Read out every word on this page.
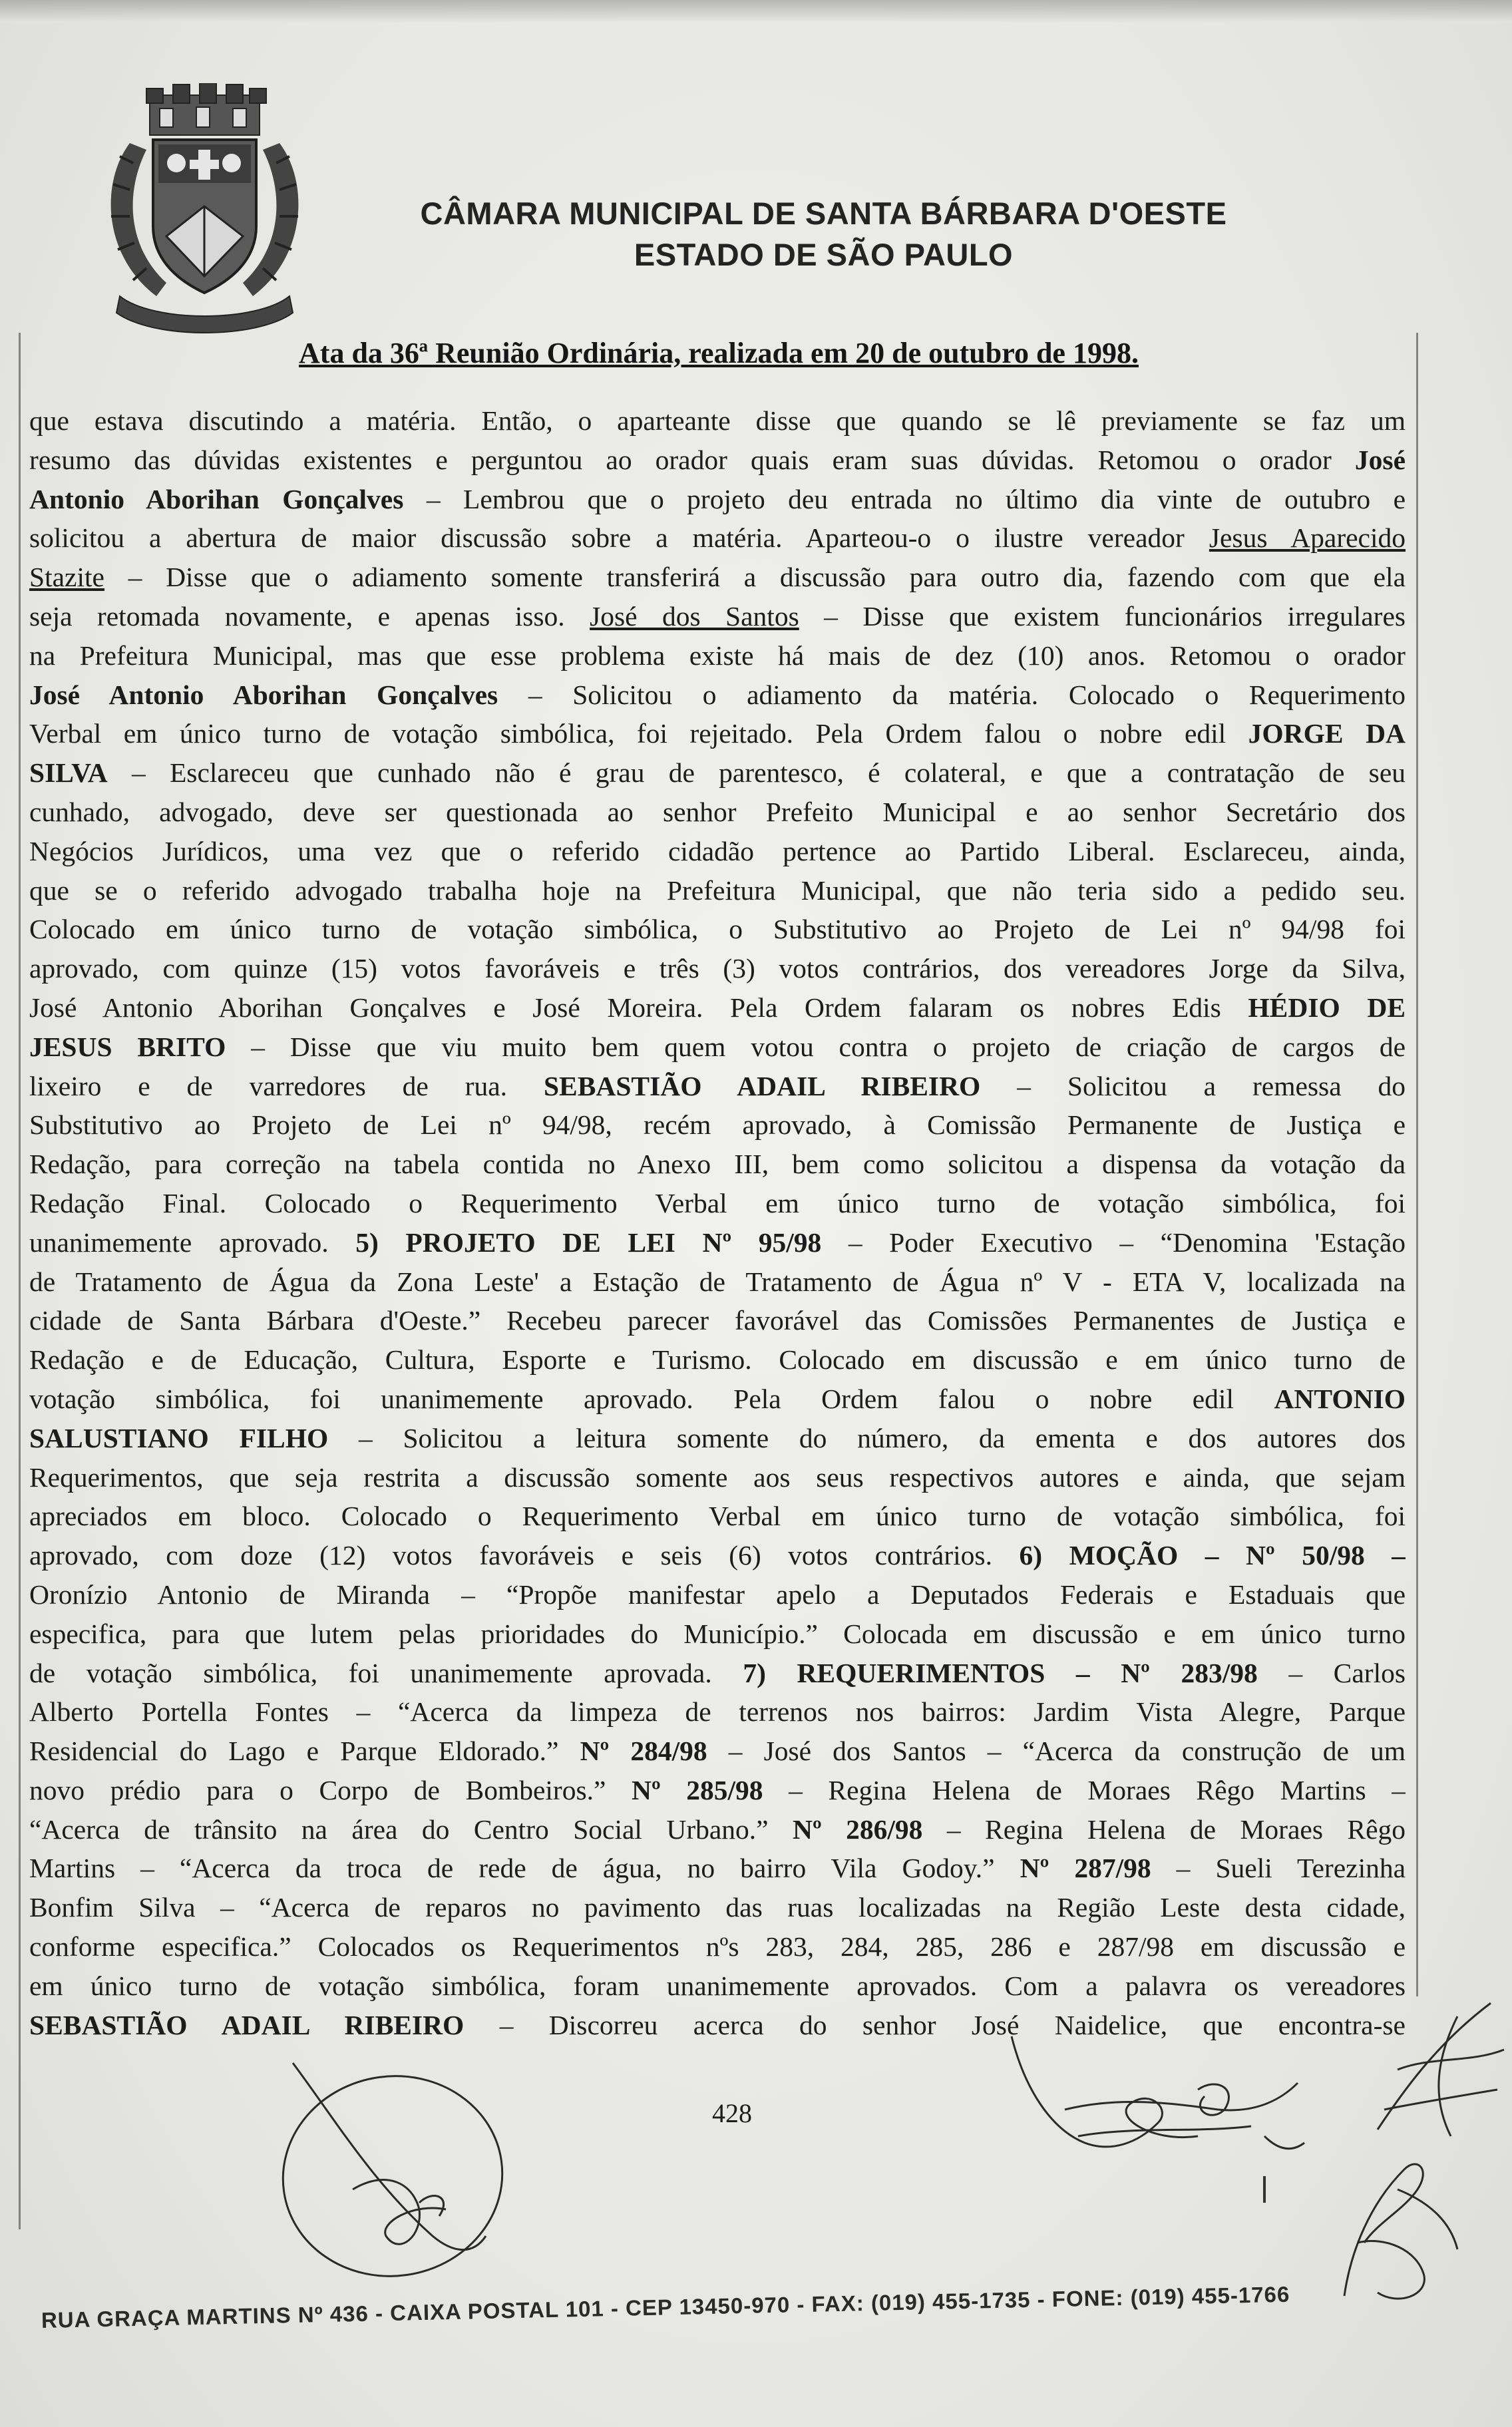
CÂMARA MUNICIPAL DE SANTA BÁRBARA D'OESTE
ESTADO DE SÃO PAULO
Ata da 36ª Reunião Ordinária, realizada em 20 de outubro de 1998.
que estava discutindo a matéria. Então, o aparteante disse que quando se lê previamente se faz um
resumo das dúvidas existentes e perguntou ao orador quais eram suas dúvidas. Retomou o orador José
Antonio Aborihan Gonçalves – Lembrou que o projeto deu entrada no último dia vinte de outubro e
solicitou a abertura de maior discussão sobre a matéria. Aparteou-o o ilustre vereador Jesus Aparecido
Stazite – Disse que o adiamento somente transferirá a discussão para outro dia, fazendo com que ela
seja retomada novamente, e apenas isso. José dos Santos – Disse que existem funcionários irregulares
na Prefeitura Municipal, mas que esse problema existe há mais de dez (10) anos. Retomou o orador
José Antonio Aborihan Gonçalves – Solicitou o adiamento da matéria. Colocado o Requerimento
Verbal em único turno de votação simbólica, foi rejeitado. Pela Ordem falou o nobre edil JORGE DA
SILVA – Esclareceu que cunhado não é grau de parentesco, é colateral, e que a contratação de seu
cunhado, advogado, deve ser questionada ao senhor Prefeito Municipal e ao senhor Secretário dos
Negócios Jurídicos, uma vez que o referido cidadão pertence ao Partido Liberal. Esclareceu, ainda,
que se o referido advogado trabalha hoje na Prefeitura Municipal, que não teria sido a pedido seu.
Colocado em único turno de votação simbólica, o Substitutivo ao Projeto de Lei nº 94/98 foi
aprovado, com quinze (15) votos favoráveis e três (3) votos contrários, dos vereadores Jorge da Silva,
José Antonio Aborihan Gonçalves e José Moreira. Pela Ordem falaram os nobres Edis HÉDIO DE
JESUS BRITO – Disse que viu muito bem quem votou contra o projeto de criação de cargos de
lixeiro e de varredores de rua. SEBASTIÃO ADAIL RIBEIRO – Solicitou a remessa do
Substitutivo ao Projeto de Lei nº 94/98, recém aprovado, à Comissão Permanente de Justiça e
Redação, para correção na tabela contida no Anexo III, bem como solicitou a dispensa da votação da
Redação Final. Colocado o Requerimento Verbal em único turno de votação simbólica, foi
unanimemente aprovado. 5) PROJETO DE LEI Nº 95/98 – Poder Executivo – “Denomina 'Estação
de Tratamento de Água da Zona Leste' a Estação de Tratamento de Água nº V - ETA V, localizada na
cidade de Santa Bárbara d'Oeste.” Recebeu parecer favorável das Comissões Permanentes de Justiça e
Redação e de Educação, Cultura, Esporte e Turismo. Colocado em discussão e em único turno de
votação simbólica, foi unanimemente aprovado. Pela Ordem falou o nobre edil ANTONIO
SALUSTIANO FILHO – Solicitou a leitura somente do número, da ementa e dos autores dos
Requerimentos, que seja restrita a discussão somente aos seus respectivos autores e ainda, que sejam
apreciados em bloco. Colocado o Requerimento Verbal em único turno de votação simbólica, foi
aprovado, com doze (12) votos favoráveis e seis (6) votos contrários. 6) MOÇÃO – Nº 50/98 –
Oronízio Antonio de Miranda – “Propõe manifestar apelo a Deputados Federais e Estaduais que
especifica, para que lutem pelas prioridades do Município.” Colocada em discussão e em único turno
de votação simbólica, foi unanimemente aprovada. 7) REQUERIMENTOS – Nº 283/98 – Carlos
Alberto Portella Fontes – “Acerca da limpeza de terrenos nos bairros: Jardim Vista Alegre, Parque
Residencial do Lago e Parque Eldorado.” Nº 284/98 – José dos Santos – “Acerca da construção de um
novo prédio para o Corpo de Bombeiros.” Nº 285/98 – Regina Helena de Moraes Rêgo Martins –
“Acerca de trânsito na área do Centro Social Urbano.” Nº 286/98 – Regina Helena de Moraes Rêgo
Martins – “Acerca da troca de rede de água, no bairro Vila Godoy.” Nº 287/98 – Sueli Terezinha
Bonfim Silva – “Acerca de reparos no pavimento das ruas localizadas na Região Leste desta cidade,
conforme especifica.” Colocados os Requerimentos nºs 283, 284, 285, 286 e 287/98 em discussão e
em único turno de votação simbólica, foram unanimemente aprovados. Com a palavra os vereadores
SEBASTIÃO ADAIL RIBEIRO – Discorreu acerca do senhor José Naidelice, que encontra-se
428
RUA GRAÇA MARTINS Nº 436 - CAIXA POSTAL 101 - CEP 13450-970 - FAX: (019) 455-1735 - FONE: (019) 455-1766
